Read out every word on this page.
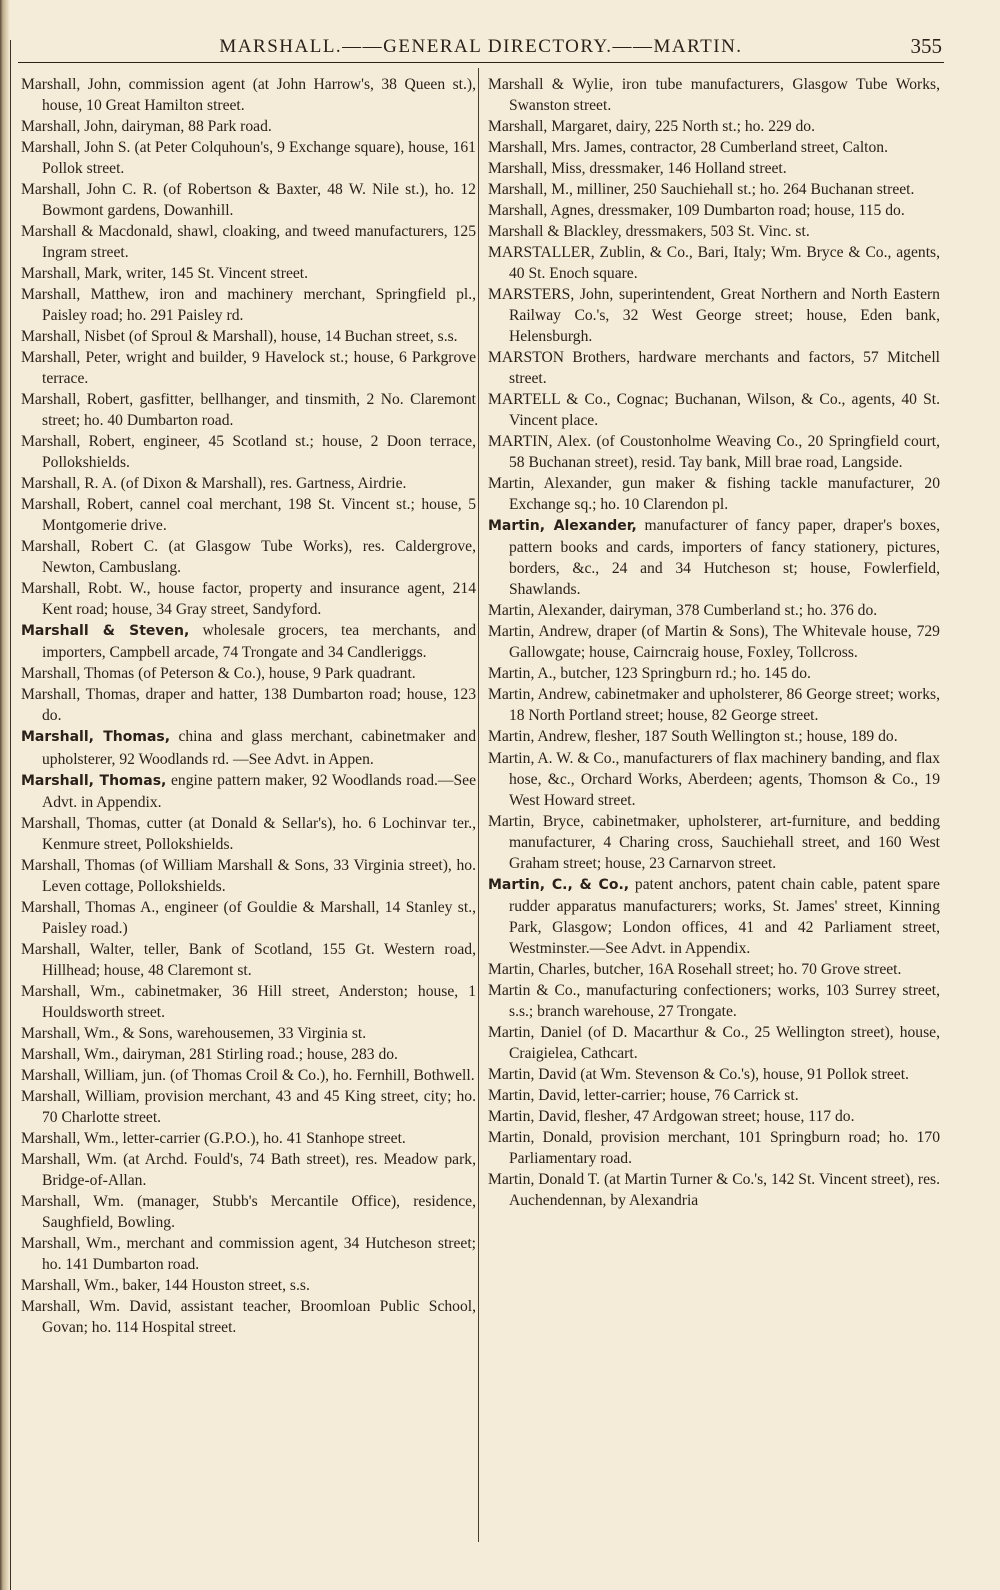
MARSHALL.——GENERAL DIRECTORY.——MARTIN.	355

Marshall, John, commission agent (at John Harrow's, 38 Queen st.), house, 10 Great Hamilton street.

Marshall, John, dairyman, 88 Park road.

Marshall, John S. (at Peter Colquhoun's, 9 Exchange square), house, 161 Pollok street.

Marshall, John C. R. (of Robertson & Baxter, 48 W. Nile st.), ho. 12 Bowmont gardens, Dowanhill.

Marshall & Macdonald, shawl, cloaking, and tweed manufacturers, 125 Ingram street.

Marshall, Mark, writer, 145 St. Vincent street.

Marshall, Matthew, iron and machinery merchant, Springfield pl., Paisley road; ho. 291 Paisley rd.

Marshall, Nisbet (of Sproul & Marshall), house, 14 Buchan street, s.s.

Marshall, Peter, wright and builder, 9 Havelock st.; house, 6 Parkgrove terrace.

Marshall, Robert, gasfitter, bellhanger, and tinsmith, 2 No. Claremont street; ho. 40 Dumbarton road.

Marshall, Robert, engineer, 45 Scotland st.; house, 2 Doon terrace, Pollokshields.

Marshall, R. A. (of Dixon & Marshall), res. Gartness, Airdrie.

Marshall, Robert, cannel coal merchant, 198 St. Vincent st.; house, 5 Montgomerie drive.

Marshall, Robert C. (at Glasgow Tube Works), res. Caldergrove, Newton, Cambuslang.

Marshall, Robt. W., house factor, property and insurance agent, 214 Kent road; house, 34 Gray street, Sandyford.

Marshall & Steven, wholesale grocers, tea merchants, and importers, Campbell arcade, 74 Trongate and 34 Candleriggs.

Marshall, Thomas (of Peterson & Co.), house, 9 Park quadrant.

Marshall, Thomas, draper and hatter, 138 Dumbarton road; house, 123 do.

Marshall, Thomas, china and glass merchant, cabinetmaker and upholsterer, 92 Woodlands rd. —See Advt. in Appen.

Marshall, Thomas, engine pattern maker, 92 Woodlands road.—See Advt. in Appendix.

Marshall, Thomas, cutter (at Donald & Sellar's), ho. 6 Lochinvar ter., Kenmure street, Pollokshields.

Marshall, Thomas (of William Marshall & Sons, 33 Virginia street), ho. Leven cottage, Pollokshields.

Marshall, Thomas A., engineer (of Gouldie & Marshall, 14 Stanley st., Paisley road.)

Marshall, Walter, teller, Bank of Scotland, 155 Gt. Western road, Hillhead; house, 48 Claremont st.

Marshall, Wm., cabinetmaker, 36 Hill street, Anderston; house, 1 Houldsworth street.

Marshall, Wm., & Sons, warehousemen, 33 Virginia st.

Marshall, Wm., dairyman, 281 Stirling road.; house, 283 do.

Marshall, William, jun. (of Thomas Croil & Co.), ho. Fernhill, Bothwell.

Marshall, William, provision merchant, 43 and 45 King street, city; ho. 70 Charlotte street.

Marshall, Wm., letter-carrier (G.P.O.), ho. 41 Stanhope street.

Marshall, Wm. (at Archd. Fould's, 74 Bath street), res. Meadow park, Bridge-of-Allan.

Marshall, Wm. (manager, Stubb's Mercantile Office), residence, Saughfield, Bowling.

Marshall, Wm., merchant and commission agent, 34 Hutcheson street; ho. 141 Dumbarton road.

Marshall, Wm., baker, 144 Houston street, s.s.

Marshall, Wm. David, assistant teacher, Broomloan Public School, Govan; ho. 114 Hospital street.

Marshall & Wylie, iron tube manufacturers, Glasgow Tube Works, Swanston street.

Marshall, Margaret, dairy, 225 North st.; ho. 229 do.

Marshall, Mrs. James, contractor, 28 Cumberland street, Calton.

Marshall, Miss, dressmaker, 146 Holland street.

Marshall, M., milliner, 250 Sauchiehall st.; ho. 264 Buchanan street.

Marshall, Agnes, dressmaker, 109 Dumbarton road; house, 115 do.

Marshall & Blackley, dressmakers, 503 St. Vinc. st.

MARSTALLER, Zublin, & Co., Bari, Italy; Wm. Bryce & Co., agents, 40 St. Enoch square.

MARSTERS, John, superintendent, Great Northern and North Eastern Railway Co.'s, 32 West George street; house, Eden bank, Helensburgh.

MARSTON Brothers, hardware merchants and factors, 57 Mitchell street.

MARTELL & Co., Cognac; Buchanan, Wilson, & Co., agents, 40 St. Vincent place.

MARTIN, Alex. (of Coustonholme Weaving Co., 20 Springfield court, 58 Buchanan street), resid. Tay bank, Mill brae road, Langside.

Martin, Alexander, gun maker & fishing tackle manufacturer, 20 Exchange sq.; ho. 10 Clarendon pl.

Martin, Alexander, manufacturer of fancy paper, draper's boxes, pattern books and cards, importers of fancy stationery, pictures, borders, &c., 24 and 34 Hutcheson st; house, Fowlerfield, Shawlands.

Martin, Alexander, dairyman, 378 Cumberland st.; ho. 376 do.

Martin, Andrew, draper (of Martin & Sons), The Whitevale house, 729 Gallowgate; house, Cairncraig house, Foxley, Tollcross.

Martin, A., butcher, 123 Springburn rd.; ho. 145 do.

Martin, Andrew, cabinetmaker and upholsterer, 86 George street; works, 18 North Portland street; house, 82 George street.

Martin, Andrew, flesher, 187 South Wellington st.; house, 189 do.

Martin, A. W. & Co., manufacturers of flax machinery banding, and flax hose, &c., Orchard Works, Aberdeen; agents, Thomson & Co., 19 West Howard street.

Martin, Bryce, cabinetmaker, upholsterer, art-furniture, and bedding manufacturer, 4 Charing cross, Sauchiehall street, and 160 West Graham street; house, 23 Carnarvon street.

Martin, C., & Co., patent anchors, patent chain cable, patent spare rudder apparatus manufacturers; works, St. James' street, Kinning Park, Glasgow; London offices, 41 and 42 Parliament street, Westminster.—See Advt. in Appendix.

Martin, Charles, butcher, 16A Rosehall street; ho. 70 Grove street.

Martin & Co., manufacturing confectioners; works, 103 Surrey street, s.s.; branch warehouse, 27 Trongate.

Martin, Daniel (of D. Macarthur & Co., 25 Wellington street), house, Craigielea, Cathcart.

Martin, David (at Wm. Stevenson & Co.'s), house, 91 Pollok street.

Martin, David, letter-carrier; house, 76 Carrick st.

Martin, David, flesher, 47 Ardgowan street; house, 117 do.

Martin, Donald, provision merchant, 101 Springburn road; ho. 170 Parliamentary road.

Martin, Donald T. (at Martin Turner & Co.'s, 142 St. Vincent street), res. Auchendennan, by Alexandria
